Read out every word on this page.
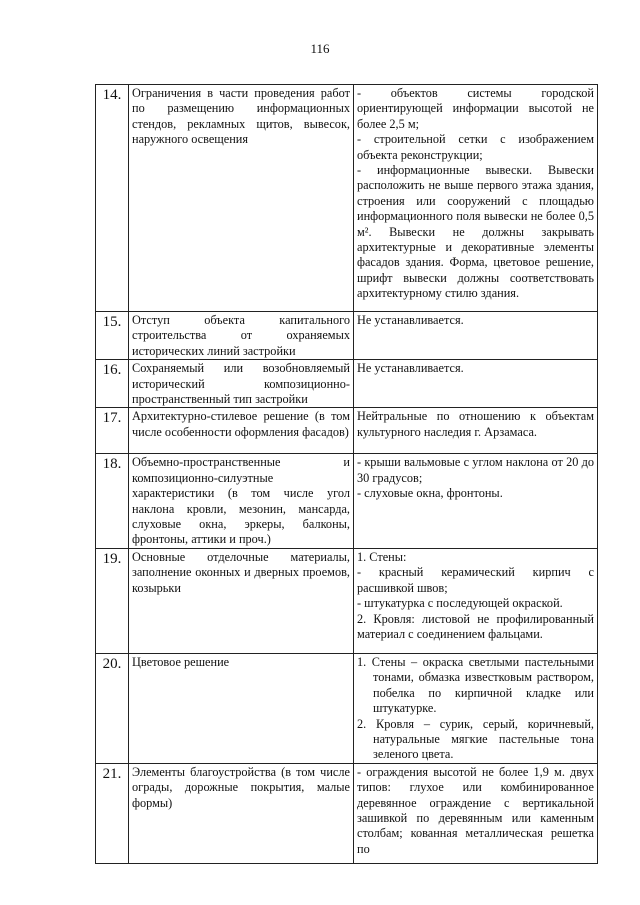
116
14.	Ограничения в части проведения работ по размещению информационных стендов, рекламных щитов, вывесок, наружного освещения	- объектов системы городской ориентирующей информации высотой не более 2,5 м;
- строительной сетки с изображением объекта реконструкции;
- информационные вывески. Вывески расположить не выше первого этажа здания, строения или сооружений с площадью информационного поля вывески не более 0,5 м². Вывески не должны закрывать архитектурные и декоративные элементы фасадов здания. Форма, цветовое решение, шрифт вывески должны соответствовать архитектурному стилю здания.

15.	Отступ объекта капитального строительства от охраняемых исторических линий застройки	Не устанавливается.

16.	Сохраняемый или возобновляемый исторический композиционно-пространственный тип застройки	Не устанавливается.

17.	Архитектурно-стилевое решение (в том числе особенности оформления фасадов)	Нейтральные по отношению к объектам культурного наследия г. Арзамаса.

18.	Объемно-пространственные и композиционно-силуэтные характеристики (в том числе угол наклона кровли, мезонин, мансарда, слуховые окна, эркеры, балконы, фронтоны, аттики и проч.)	- крыши вальмовые с углом наклона от 20 до 30 градусов;
- слуховые окна, фронтоны.

19.	Основные отделочные материалы, заполнение оконных и дверных проемов, козырьки	1. Стены:
- красный керамический кирпич с расшивкой швов;
- штукатурка с последующей окраской.
2. Кровля: листовой не профилированный материал с соединением фальцами.

20.	Цветовое решение	1. Стены – окраска светлыми пастельными тонами, обмазка известковым раствором, побелка по кирпичной кладке или штукатурке.
2. Кровля – сурик, серый, коричневый, натуральные мягкие пастельные тона зеленого цвета.

21.	Элементы благоустройства (в том числе ограды, дорожные покрытия, малые формы)	- ограждения высотой не более 1,9 м. двух типов: глухое или комбинированное деревянное ограждение с вертикальной зашивкой по деревянным или каменным столбам; кованная металлическая решетка по
